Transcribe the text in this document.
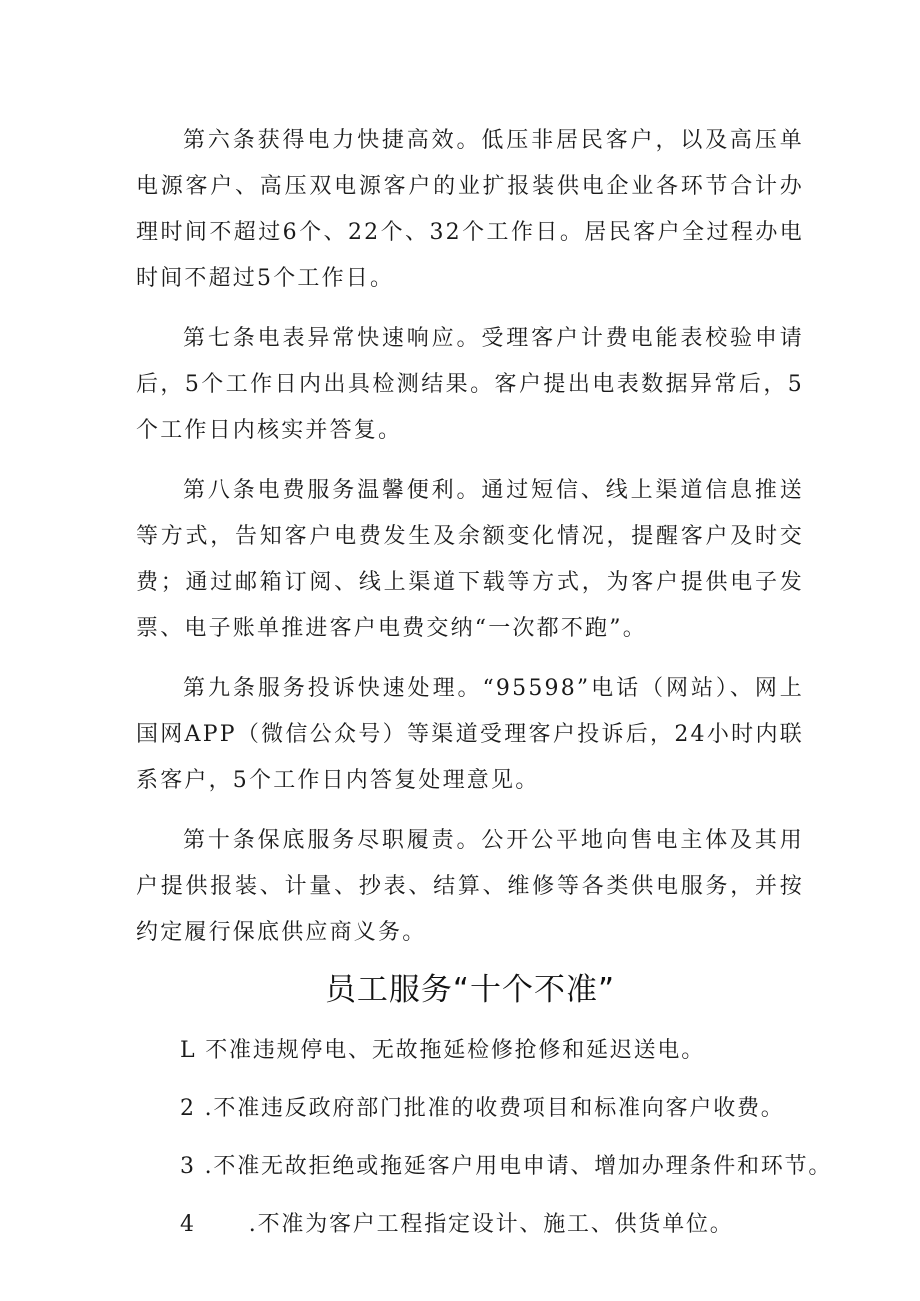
第六条获得电力快捷高效。低压非居民客户，以及高压单电源客户、高压双电源客户的业扩报装供电企业各环节合计办理时间不超过6个、22个、32个工作日。居民客户全过程办电时间不超过5个工作日。

第七条电表异常快速响应。受理客户计费电能表校验申请后，5个工作日内出具检测结果。客户提出电表数据异常后，5个工作日内核实并答复。

第八条电费服务温馨便利。通过短信、线上渠道信息推送等方式，告知客户电费发生及余额变化情况，提醒客户及时交费；通过邮箱订阅、线上渠道下载等方式，为客户提供电子发票、电子账单推进客户电费交纳“一次都不跑”。

第九条服务投诉快速处理。“95598”电话（网站）、网上国网APP（微信公众号）等渠道受理客户投诉后，24小时内联系客户，5个工作日内答复处理意见。

第十条保底服务尽职履责。公开公平地向售电主体及其用户提供报装、计量、抄表、结算、维修等各类供电服务，并按约定履行保底供应商义务。

员工服务“十个不准”
L 不准违规停电、无故拖延检修抢修和延迟送电。
2 .不准违反政府部门批准的收费项目和标准向客户收费。
3 .不准无故拒绝或拖延客户用电申请、增加办理条件和环节。
4 .不准为客户工程指定设计、施工、供货单位。
